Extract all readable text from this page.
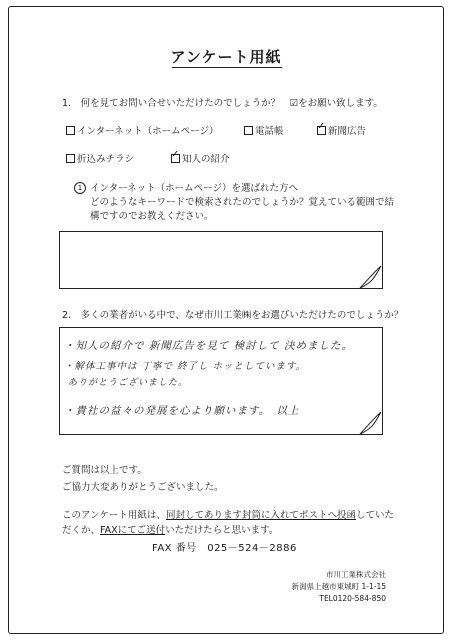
アンケート用紙
1.　何を見てお問い合せいただけたのでしょうか？　☑をお願い致します。
インターネット（ホームページ）	電話帳	✓ 新聞広告
折込みチラシ	✓ 知人の紹介
1 インターネット（ホームページ）を選ばれた方へ
どのようなキーワードで検索されたのでしょうか？覚えている範囲で結
構ですのでお教えください。
2.　多くの業者がいる中で、なぜ市川工業㈱をお選びいただけたのでしょうか？
・知人の紹介で 新聞広告を見て 検討して 決めました。
・解体工事中は 丁寧で 終了し ホッとしています。
ありがとうございました。
・貴社の益々の発展を心より願います。　以上
ご質問は以上です。
ご協力大変ありがとうございました。
このアンケート用紙は、同封してあります封筒に入れてポストへ投函していた
だくか、FAXにてご送付いただけたらと思います。
FAX 番号　025－524－2886
市川工業株式会社
新潟県上越市東城町 1-1-15
TEL0120-584-850
